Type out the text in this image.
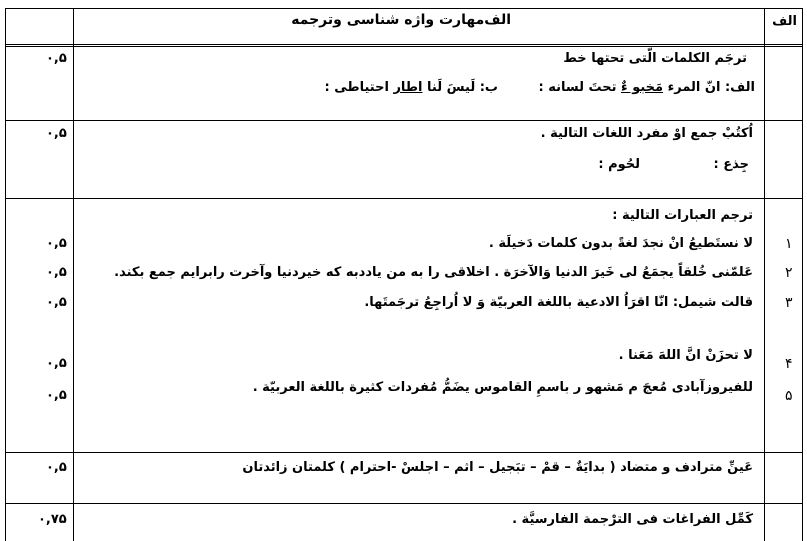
الف
الف‌مهارت واژه شناسی وترجمه
ترجَم الکلمات الّتی تحتها خط
الف: انّ المرء مَخبو ءٌ تحتَ لسانه :
ب: لَیسَ لَنا اطار احتیاطی :
۰,۵
اُکتُبْ جمع اوْ مفرد اللغات التالیة .
جِذع :
لحُوم :
۰,۵
ترجم العبارات التالیة :
لا نستَطیعُ انْ نجدَ لغةً بدون کلمات دَخیلَة . ۱
۰,۵
عَلمّنی خُلقاً یجمَعُ لی خَیرَ الدنیا وَالآخرَة . اخلاقی را به من یاددبه که خیردنیا وآخرت رابرایم جمع بکند. ۲
۰,۵
قالت شیمل: انّا اقرَاُ الادعیة باللغة العربیّة وَ لا اُراجِعُ ترجَمتَها. ۳
۰,۵
لا تحزَنْ انَّ اللهَ مَعَنا .
۴
۰,۵
للفیروزآبادی مُعجَ م مَشهو ر باسمِ القاموس یضَمُّ مُفردات کثیرة باللغة العربیّة .
۵
۰,۵
عَینِّ مترادف و متضاد ( بدایَةٌ – قمْ – تبَجیل – اثم – اجلسْ -احترام ) کلمتان زائدتان
۰,۵
کَمِّل الفراغات فی الترْجمة الفارسیَّة .
۰,۷۵
